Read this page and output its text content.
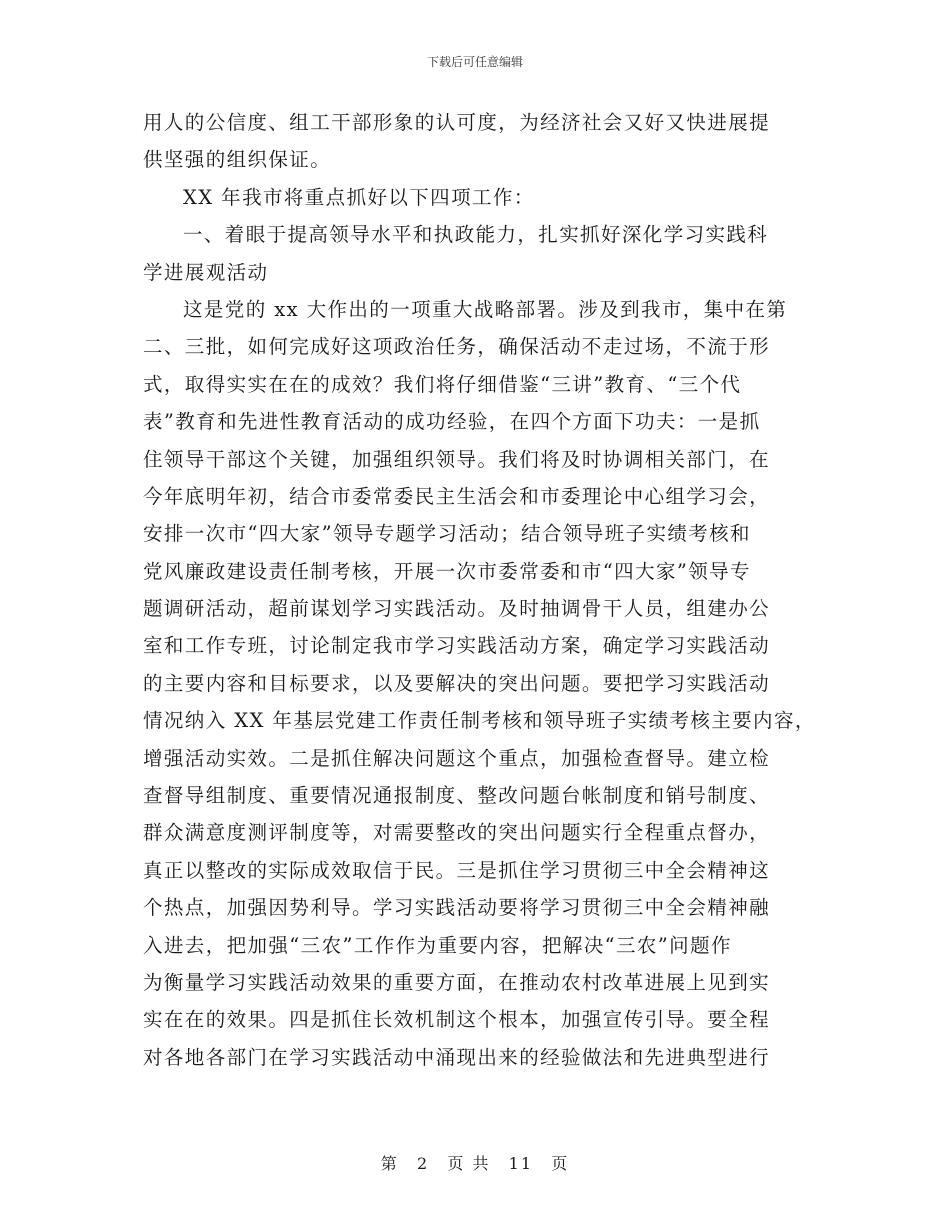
下载后可任意编辑
用人的公信度、组工干部形象的认可度，为经济社会又好又快进展提
供坚强的组织保证。
XX 年我市将重点抓好以下四项工作：
一、着眼于提高领导水平和执政能力，扎实抓好深化学习实践科
学进展观活动
这是党的 xx 大作出的一项重大战略部署。涉及到我市，集中在第
二、三批，如何完成好这项政治任务，确保活动不走过场，不流于形
式，取得实实在在的成效？我们将仔细借鉴“三讲”教育、“三个代
表”教育和先进性教育活动的成功经验，在四个方面下功夫：一是抓
住领导干部这个关键，加强组织领导。我们将及时协调相关部门，在
今年底明年初，结合市委常委民主生活会和市委理论中心组学习会，
安排一次市“四大家”领导专题学习活动；结合领导班子实绩考核和
党风廉政建设责任制考核，开展一次市委常委和市“四大家”领导专
题调研活动，超前谋划学习实践活动。及时抽调骨干人员，组建办公
室和工作专班，讨论制定我市学习实践活动方案，确定学习实践活动
的主要内容和目标要求，以及要解决的突出问题。要把学习实践活动
情况纳入 XX 年基层党建工作责任制考核和领导班子实绩考核主要内容，
增强活动实效。二是抓住解决问题这个重点，加强检查督导。建立检
查督导组制度、重要情况通报制度、整改问题台帐制度和销号制度、
群众满意度测评制度等，对需要整改的突出问题实行全程重点督办，
真正以整改的实际成效取信于民。三是抓住学习贯彻三中全会精神这
个热点，加强因势利导。学习实践活动要将学习贯彻三中全会精神融
入进去，把加强“三农”工作作为重要内容，把解决“三农”问题作
为衡量学习实践活动效果的重要方面，在推动农村改革进展上见到实
实在在的效果。四是抓住长效机制这个根本，加强宣传引导。要全程
对各地各部门在学习实践活动中涌现出来的经验做法和先进典型进行
第 2 页 共 11 页
